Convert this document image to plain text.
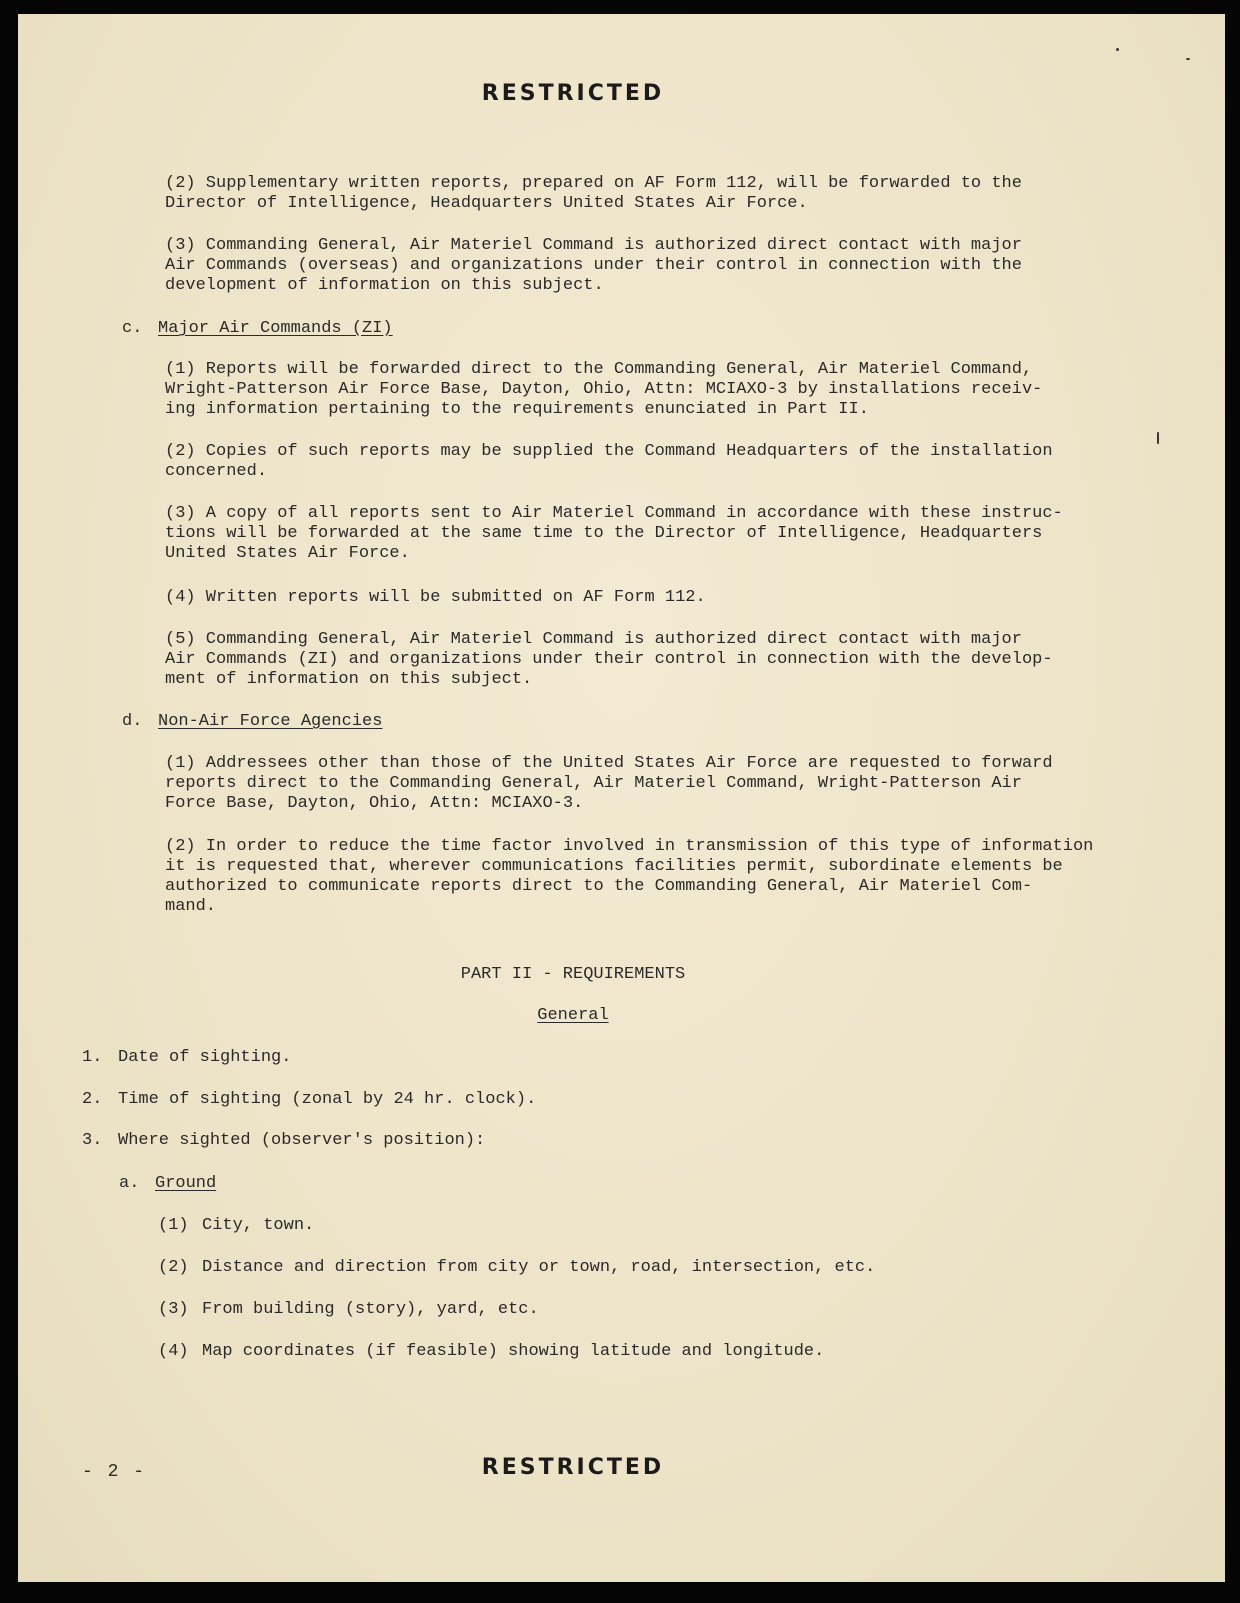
RESTRICTED

(2) Supplementary written reports, prepared on AF Form 112, will be forwarded to the
Director of Intelligence, Headquarters United States Air Force.

(3) Commanding General, Air Materiel Command is authorized direct contact with major
Air Commands (overseas) and organizations under their control in connection with the
development of information on this subject.

c. Major Air Commands (ZI)

(1) Reports will be forwarded direct to the Commanding General, Air Materiel Command,
Wright-Patterson Air Force Base, Dayton, Ohio, Attn: MCIAXO-3 by installations receiv-
ing information pertaining to the requirements enunciated in Part II.

(2) Copies of such reports may be supplied the Command Headquarters of the installation
concerned.

(3) A copy of all reports sent to Air Materiel Command in accordance with these instruc-
tions will be forwarded at the same time to the Director of Intelligence, Headquarters
United States Air Force.

(4) Written reports will be submitted on AF Form 112.

(5) Commanding General, Air Materiel Command is authorized direct contact with major
Air Commands (ZI) and organizations under their control in connection with the develop-
ment of information on this subject.

d. Non-Air Force Agencies

(1) Addressees other than those of the United States Air Force are requested to forward
reports direct to the Commanding General, Air Materiel Command, Wright-Patterson Air
Force Base, Dayton, Ohio, Attn: MCIAXO-3.

(2) In order to reduce the time factor involved in transmission of this type of information
it is requested that, wherever communications facilities permit, subordinate elements be
authorized to communicate reports direct to the Commanding General, Air Materiel Com-
mand.

PART II - REQUIREMENTS

General

1. Date of sighting.
2. Time of sighting (zonal by 24 hr. clock).
3. Where sighted (observer's position):
a. Ground
(1) City, town.
(2) Distance and direction from city or town, road, intersection, etc.
(3) From building (story), yard, etc.
(4) Map coordinates (if feasible) showing latitude and longitude.
- 2 -	RESTRICTED
